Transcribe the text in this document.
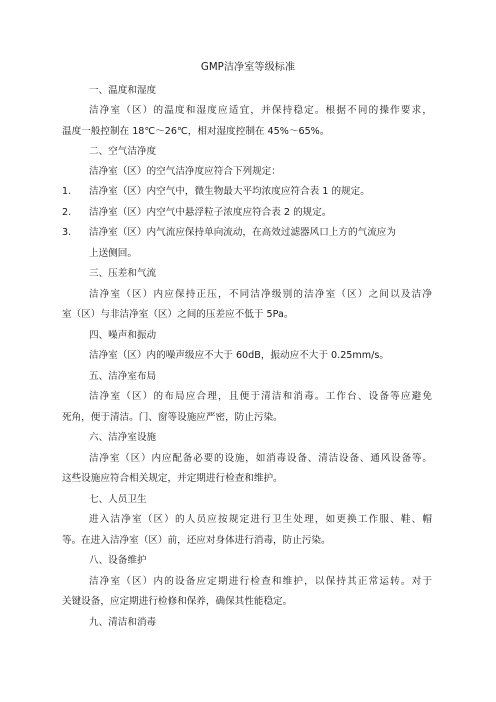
GMP洁净室等级标准

一、温度和湿度

洁净室（区）的温度和湿度应适宜，并保持稳定。根据不同的操作要求，

温度一般控制在 18℃～26℃，相对湿度控制在 45%～65%。

二、空气洁净度

洁净室（区）的空气洁净度应符合下列规定：

1. 洁净室（区）内空气中，微生物最大平均浓度应符合表 1 的规定。

2. 洁净室（区）内空气中悬浮粒子浓度应符合表 2 的规定。

3. 洁净室（区）内气流应保持单向流动，在高效过滤器风口上方的气流应为

上送侧回。

三、压差和气流

洁净室（区）内应保持正压，不同洁净级别的洁净室（区）之间以及洁净

室（区）与非洁净室（区）之间的压差应不低于 5Pa。

四、噪声和振动

洁净室（区）内的噪声级应不大于 60dB，振动应不大于 0.25mm/s。

五、洁净室布局

洁净室（区）的布局应合理，且便于清洁和消毒。工作台、设备等应避免

死角，便于清洁。门、窗等设施应严密，防止污染。

六、洁净室设施

洁净室（区）内应配备必要的设施，如消毒设备、清洁设备、通风设备等。

这些设施应符合相关规定，并定期进行检查和维护。

七、人员卫生

进入洁净室（区）的人员应按规定进行卫生处理，如更换工作服、鞋、帽

等。在进入洁净室（区）前，还应对身体进行消毒，防止污染。

八、设备维护

洁净室（区）内的设备应定期进行检查和维护，以保持其正常运转。对于

关键设备，应定期进行检修和保养，确保其性能稳定。

九、清洁和消毒
